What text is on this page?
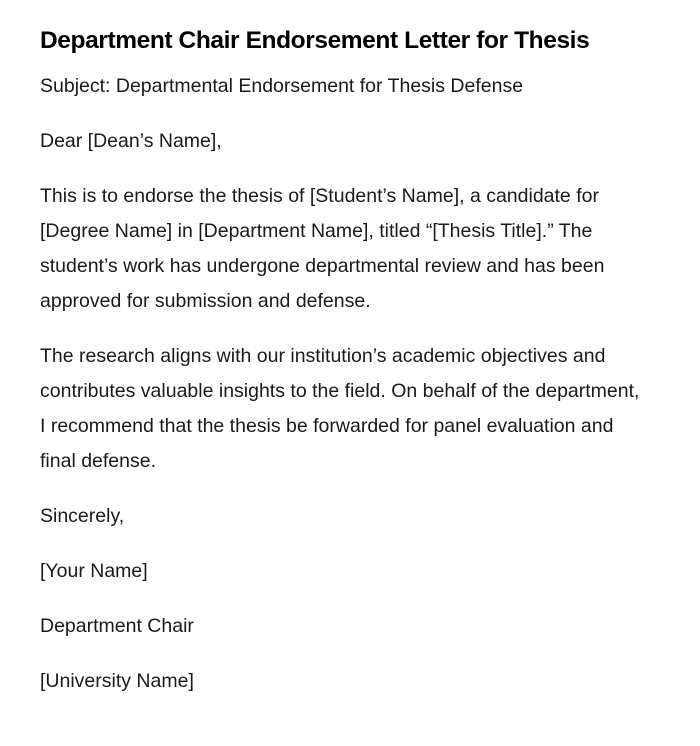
Department Chair Endorsement Letter for Thesis

Subject: Departmental Endorsement for Thesis Defense

Dear [Dean’s Name],

This is to endorse the thesis of [Student’s Name], a candidate for [Degree Name] in [Department Name], titled “[Thesis Title].” The student’s work has undergone departmental review and has been approved for submission and defense.

The research aligns with our institution’s academic objectives and contributes valuable insights to the field. On behalf of the department, I recommend that the thesis be forwarded for panel evaluation and final defense.

Sincerely,

[Your Name]

Department Chair

[University Name]
